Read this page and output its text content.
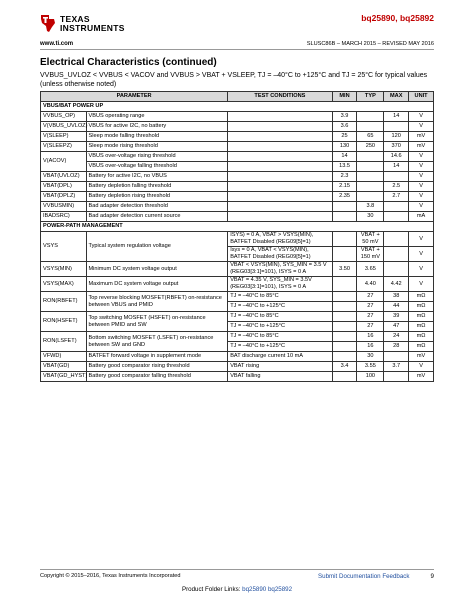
TEXAS
INSTRUMENTS
bq25890, bq25892
www.ti.com	SLUSC86B – MARCH 2015 – REVISED MAY 2016
Electrical Characteristics (continued)
VVBUS_UVLOZ < VVBUS < VACOV and VVBUS > VBAT + VSLEEP, TJ = –40°C to +125°C and TJ = 25°C for typical values (unless otherwise noted)
PARAMETER		TEST CONDITIONS	MIN	TYP	MAX	UNIT
VBUS/BAT POWER UP						
VVBUS_OP)	VBUS operating range		3.9		14	V
V(VBUS_UVLOZ)	VBUS for active I2C, no battery		3.6			V
V(SLEEP)	Sleep mode falling threshold		25	65	120	mV
V(SLEEPZ)	Sleep mode rising threshold		130	250	370	mV
V(ACOV)	VBUS over-voltage rising threshold		14		14.6	V
	VBUS over-voltage falling threshold		13.5		14	V
VBAT(UVLOZ)	Battery for active I2C, no VBUS		2.3			V
VBAT(DPL)	Battery depletion falling threshold		2.15		2.5	V
VBAT(DPLZ)	Battery depletion rising threshold		2.35		2.7	V
VVBUSMIN)	Bad adapter detection threshold			3.8		V
IBADSRC)	Bad adapter detection current source			30		mA
POWER-PATH MANAGEMENT						
VSYS	Typical system regulation voltage	ISYS) = 0 A, VBAT > VSYS(MIN), BATFET Disabled (REG09[5]=1)		VBAT + 50 mV		V
		Isys = 0 A, VBAT < VSYS(MIN), BATFET Disabled (REG09[5]=1)		VBAT + 150 mV		V
VSYS(MIN)	Minimum DC system voltage output	VBAT < VSYS(MIN), SYS_MIN = 3.5 V (REG03[3:1]=101), ISYS = 0 A	3.50	3.65		V
VSYS(MAX)	Maximum DC system voltage output	VBAT = 4.35 V, SYS_MIN = 3.5V (REG03[3:1]=101), ISYS = 0 A		4.40	4.42	V
RON(RBFET)	Top reverse blocking MOSFET(RBFET) on-resistance between VBUS and PMID	TJ = –40°C to 85°C		27	38	mΩ
		TJ = –40°C to +125°C		27	44	mΩ
RON(HSFET)	Top switching MOSFET (HSFET) on-resistance between PMID and SW	TJ = –40°C to 85°C		27	39	mΩ
		TJ = –40°C to +125°C		27	47	mΩ
RON(LSFET)	Bottom switching MOSFET (LSFET) on-resistance between SW and GND	TJ = –40°C to 85°C		16	24	mΩ
		TJ = –40°C to +125°C		16	28	mΩ
VFWD)	BATFET forward voltage in supplement mode	BAT discharge current 10 mA		30		mV
VBAT(GD)	Battery good comparator rising threshold	VBAT rising	3.4	3.55	3.7	V
VBAT(GD_HYST)	Battery good comparator falling threshold	VBAT falling		100		mV
Copyright © 2015–2016, Texas Instruments Incorporated	Submit Documentation Feedback	9
Product Folder Links: bq25890 bq25892
